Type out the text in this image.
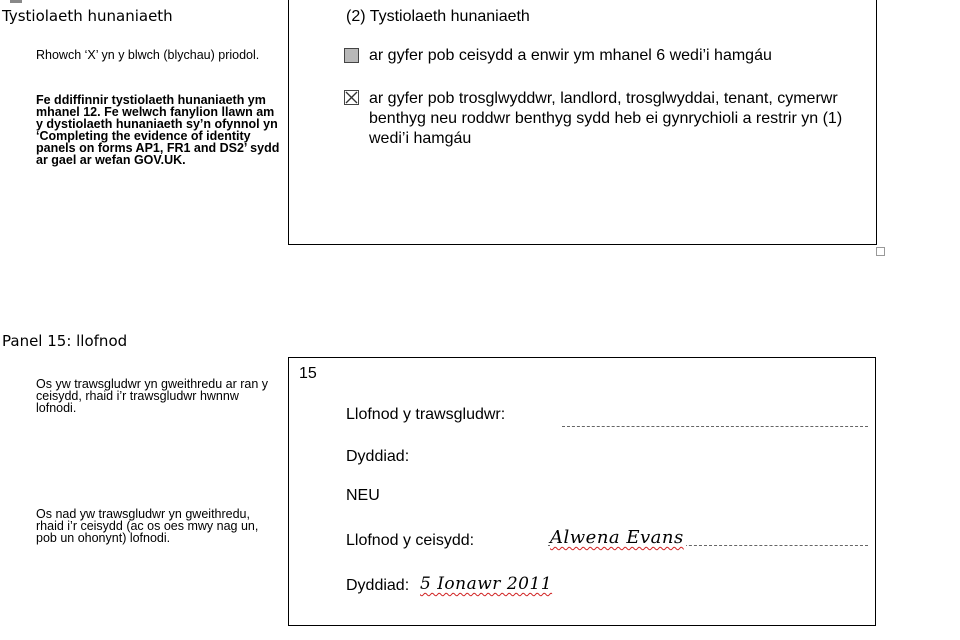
Tystiolaeth hunaniaeth
Rhowch ‘X’ yn y blwch (blychau) priodol.
Fe ddiffinnir tystiolaeth hunaniaeth ym mhanel 12. Fe welwch fanylion llawn am y dystiolaeth hunaniaeth sy’n ofynnol yn ‘Completing the evidence of identity panels on forms AP1, FR1 and DS2’ sydd ar gael ar wefan GOV.UK.
(2) Tystiolaeth hunaniaeth
ar gyfer pob ceisydd a enwir ym mhanel 6 wedi’i hamgáu
ar gyfer pob trosglwyddwr, landlord, trosglwyddai, tenant, cymerwr benthyg neu roddwr benthyg sydd heb ei gynrychioli a restrir yn (1) wedi’i hamgáu
Panel 15: llofnod
Os yw trawsgludwr yn gweithredu ar ran y ceisydd, rhaid i’r trawsgludwr hwnnw lofnodi.
Os nad yw trawsgludwr yn gweithredu, rhaid i’r ceisydd (ac os oes mwy nag un, pob un ohonynt) lofnodi.
15
Llofnod y trawsgludwr:
Dyddiad:
NEU
Llofnod y ceisydd:	Alwena Evans
Dyddiad: 5 Ionawr 2011
